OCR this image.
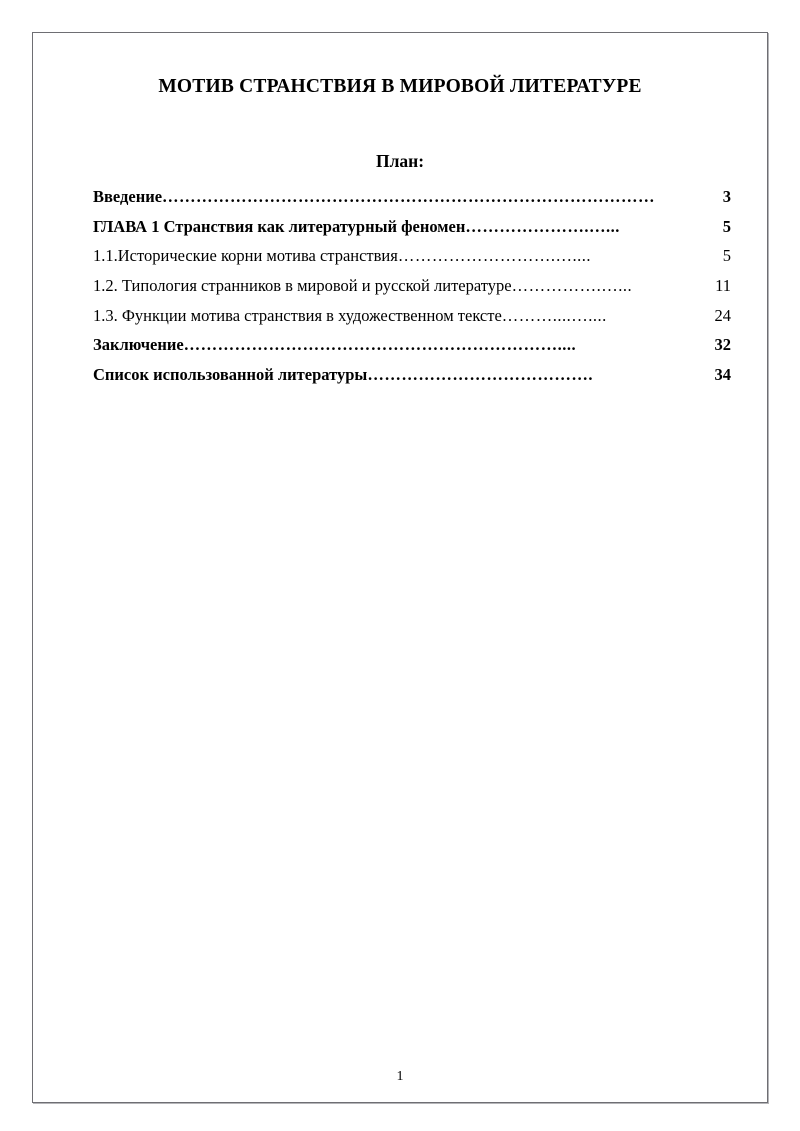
МОТИВ СТРАНСТВИЯ В МИРОВОЙ ЛИТЕРАТУРЕ
План:
Введение ……………………………………………………………………………	3
ГЛАВА 1 Странствия как литературный феномен ………………….…...	5
1.1.Исторические корни мотива странствия ……………………….…....	5
1.2. Типология странников в мировой и русской литературе …………….…...	11
1.3. Функции мотива странствия в художественном тексте ………....…....	24
Заключение …………………………………………………………....	32
Список использованной литературы ………………………………….	34
1
